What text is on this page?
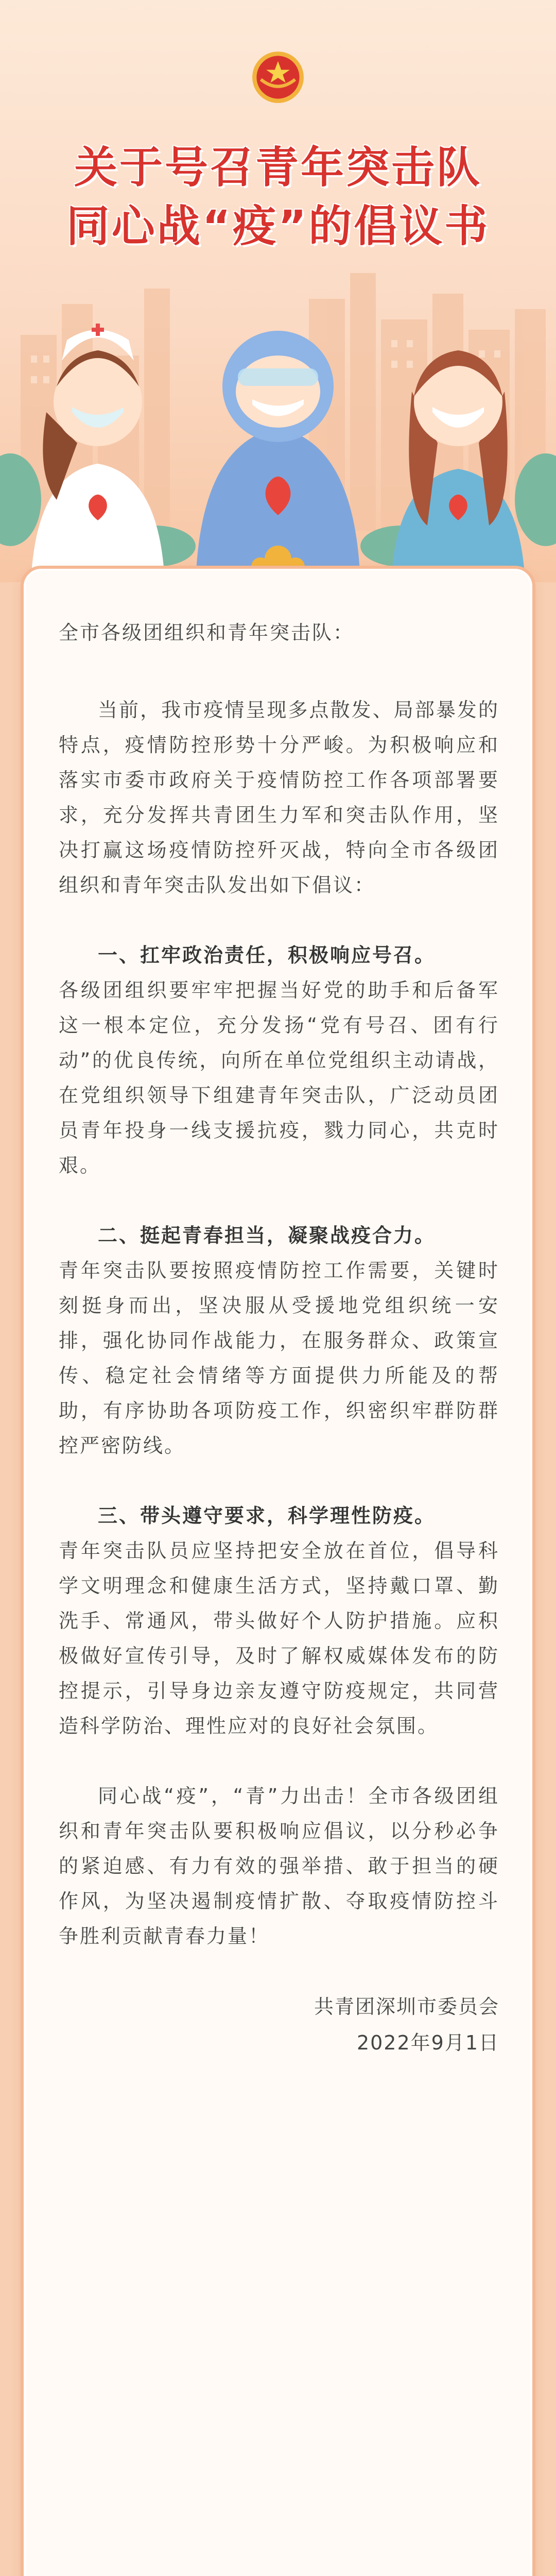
关于号召青年突击队
同心战“疫”的倡议书

全市各级团组织和青年突击队：

当前，我市疫情呈现多点散发、局部暴发的特点，疫情防控形势十分严峻。为积极响应和落实市委市政府关于疫情防控工作各项部署要求，充分发挥共青团生力军和突击队作用，坚决打赢这场疫情防控歼灭战，特向全市各级团组织和青年突击队发出如下倡议：

一、扛牢政治责任，积极响应号召。

各级团组织要牢牢把握当好党的助手和后备军这一根本定位，充分发扬“党有号召、团有行动”的优良传统，向所在单位党组织主动请战，在党组织领导下组建青年突击队，广泛动员团员青年投身一线支援抗疫，戮力同心，共克时艰。

二、挺起青春担当，凝聚战疫合力。

青年突击队要按照疫情防控工作需要，关键时刻挺身而出，坚决服从受援地党组织统一安排，强化协同作战能力，在服务群众、政策宣传、稳定社会情绪等方面提供力所能及的帮助，有序协助各项防疫工作，织密织牢群防群控严密防线。

三、带头遵守要求，科学理性防疫。

青年突击队员应坚持把安全放在首位，倡导科学文明理念和健康生活方式，坚持戴口罩、勤洗手、常通风，带头做好个人防护措施。应积极做好宣传引导，及时了解权威媒体发布的防控提示，引导身边亲友遵守防疫规定，共同营造科学防治、理性应对的良好社会氛围。

同心战“疫”，“青”力出击！全市各级团组织和青年突击队要积极响应倡议，以分秒必争的紧迫感、有力有效的强举措、敢于担当的硬作风，为坚决遏制疫情扩散、夺取疫情防控斗争胜利贡献青春力量！

共青团深圳市委员会

2022年9月1日
